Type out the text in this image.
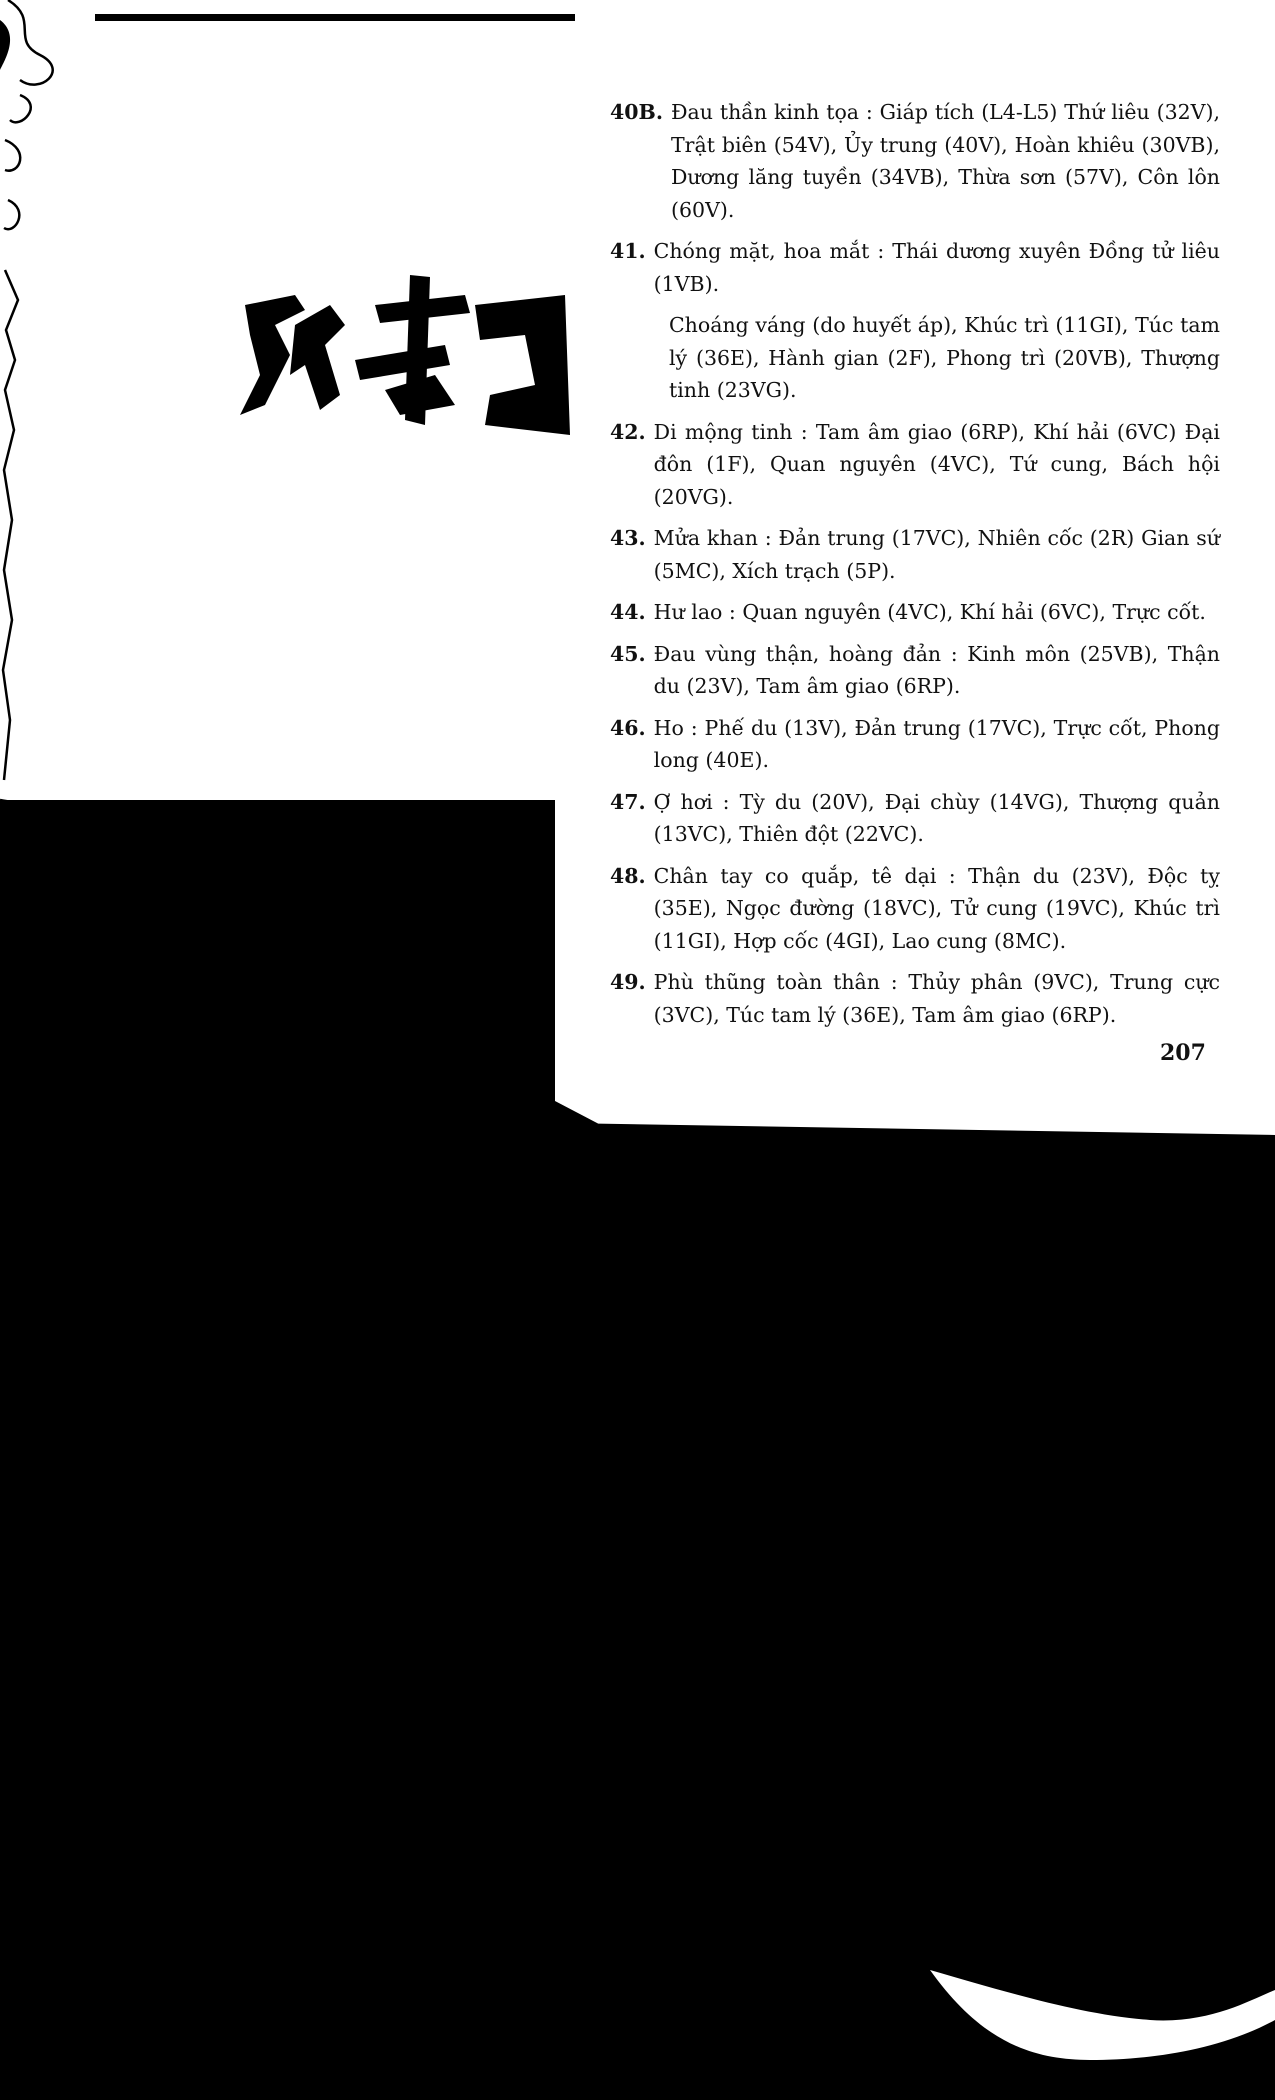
40B. Đau thần kinh tọa : Giáp tích (L4-L5) Thứ liêu (32V), Trật biên (54V), Ủy trung (40V), Hoàn khiêu (30VB), Dương lăng tuyền (34VB), Thừa sơn (57V), Côn lôn (60V).
41. Chóng mặt, hoa mắt : Thái dương xuyên Đồng tử liêu (1VB).
Choáng váng (do huyết áp), Khúc trì (11GI), Túc tam lý (36E), Hành gian (2F), Phong trì (20VB), Thượng tinh (23VG).
42. Di mộng tinh : Tam âm giao (6RP), Khí hải (6VC) Đại đôn (1F), Quan nguyên (4VC), Tứ cung, Bách hội (20VG).
43. Mửa khan : Đản trung (17VC), Nhiên cốc (2R) Gian sứ (5MC), Xích trạch (5P).
44. Hư lao : Quan nguyên (4VC), Khí hải (6VC), Trực cốt.
45. Đau vùng thận, hoàng đản : Kinh môn (25VB), Thận du (23V), Tam âm giao (6RP).
46. Ho : Phế du (13V), Đản trung (17VC), Trực cốt, Phong long (40E).
47. Ợ hơi : Tỳ du (20V), Đại chùy (14VG), Thượng quản (13VC), Thiên đột (22VC).
48. Chân tay co quắp, tê dại : Thận du (23V), Độc tỵ (35E), Ngọc đường (18VC), Tử cung (19VC), Khúc trì (11GI), Hợp cốc (4GI), Lao cung (8MC).
49. Phù thũng toàn thân : Thủy phân (9VC), Trung cực (3VC), Túc tam lý (36E), Tam âm giao (6RP).
207
